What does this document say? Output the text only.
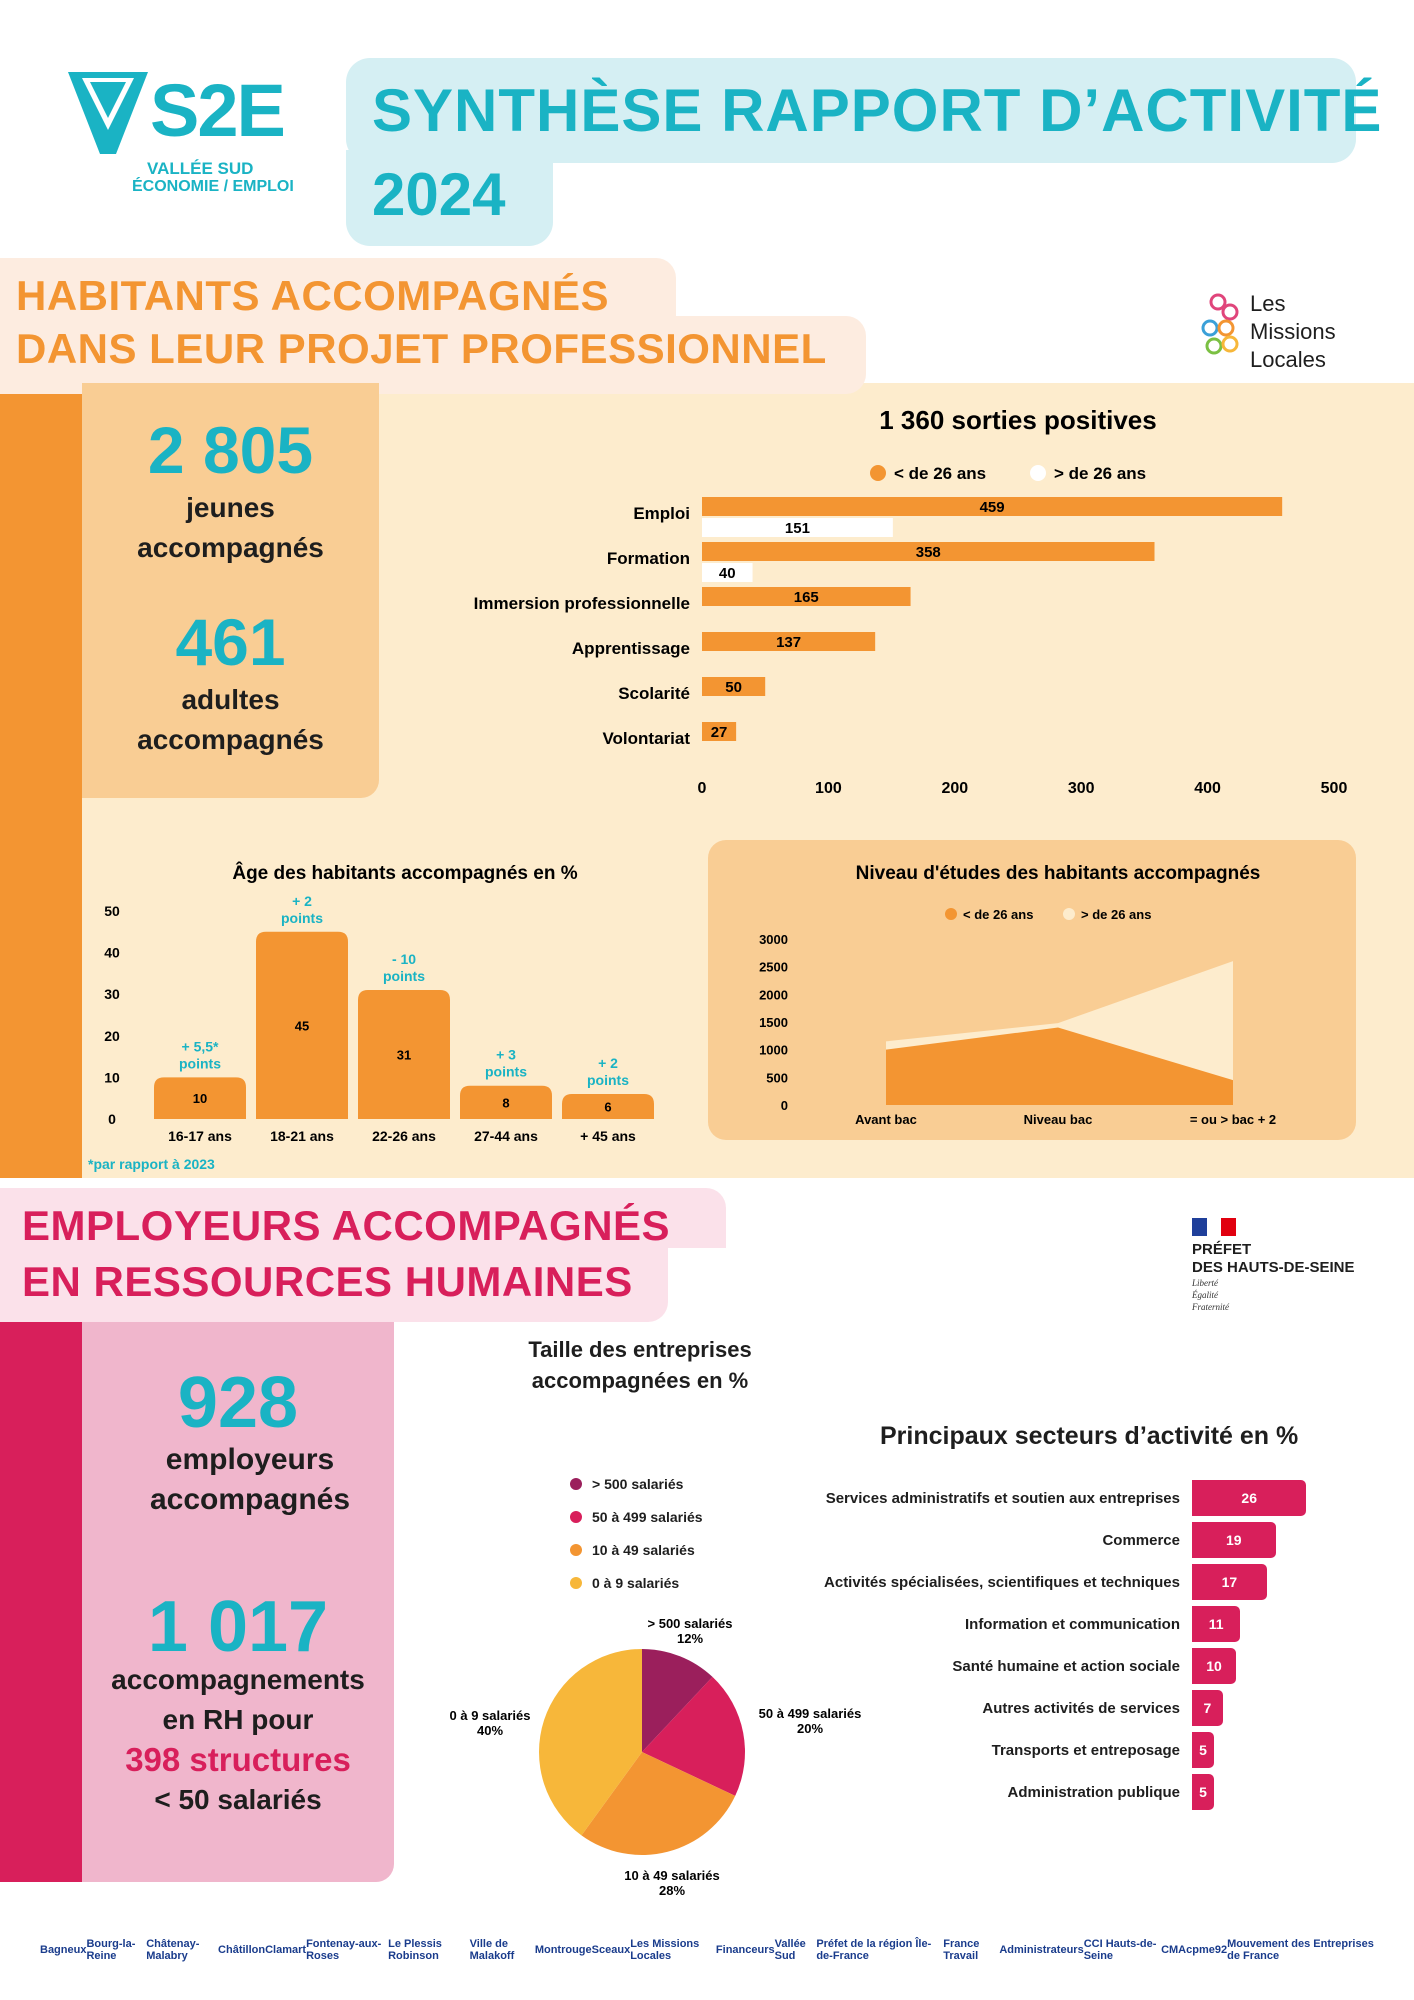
S2E
VALLÉE SUD
ÉCONOMIE / EMPLOI
SYNTHÈSE RAPPORT D’ACTIVITÉ
2024
HABITANTS ACCOMPAGNÉS
DANS LEUR PROJET PROFESSIONNEL
Les
Missions
Locales
2 805
jeunes
accompagnés
461
adultes
accompagnés
1 360 sorties positives
< de 26 ans	> de 26 ans
Emploi	459
151
Formation	358
40
Immersion professionnelle	165
Apprentissage	137
Scolarité 50
Volontariat 27
0	100	200	300	400	500
Âge des habitants accompagnés en %
0
10
20
30
40
50
10
16-17 ans
+ 5,5*
points
45
18-21 ans
+ 2
points
31
22-26 ans
- 10
points
8
27-44 ans
+ 3
points
6
+ 45 ans
+ 2
points
*par rapport à 2023
Niveau d'études des habitants accompagnés
< de 26 ans	> de 26 ans
0
500
1000
1500
2000
2500
3000
Avant bac	Niveau bac	= ou > bac + 2
EMPLOYEURS ACCOMPAGNÉS
EN RESSOURCES HUMAINES
PRÉFET
DES HAUTS-DE-SEINE
Liberté
Égalité
Fraternité
928
employeurs
accompagnés
1 017
accompagnements
en RH pour
398 structures
< 50 salariés
Taille des entreprises accompagnées en %
> 500 salariés
50 à 499 salariés
10 à 49 salariés
0 à 9 salariés
> 500 salariés
12%
50 à 499 salariés
20%
10 à 49 salariés
28%
0 à 9 salariés
40%
Principaux secteurs d’activité en %
Services administratifs et soutien aux entreprises	26
Commerce	19
Activités spécialisées, scientifiques et techniques	17
Information et communication	11
Santé humaine et action sociale	10
Autres activités de services	7
Transports et entreposage	5
Administration publique	5
Bagneux Bourg-la-Reine
Châtenay-Malabry	Châtillon Clamart Fontenay-aux-Roses
Le Plessis Robinson
Ville de Malakoff	Montrouge Sceaux Les Missions Locales	Financeurs Vallée Sud
Préfet de la région Île-de-France
France Travail	Administrateurs CCI Hauts-de-Seine	CMA cpme92 Mouvement des Entreprises de France
